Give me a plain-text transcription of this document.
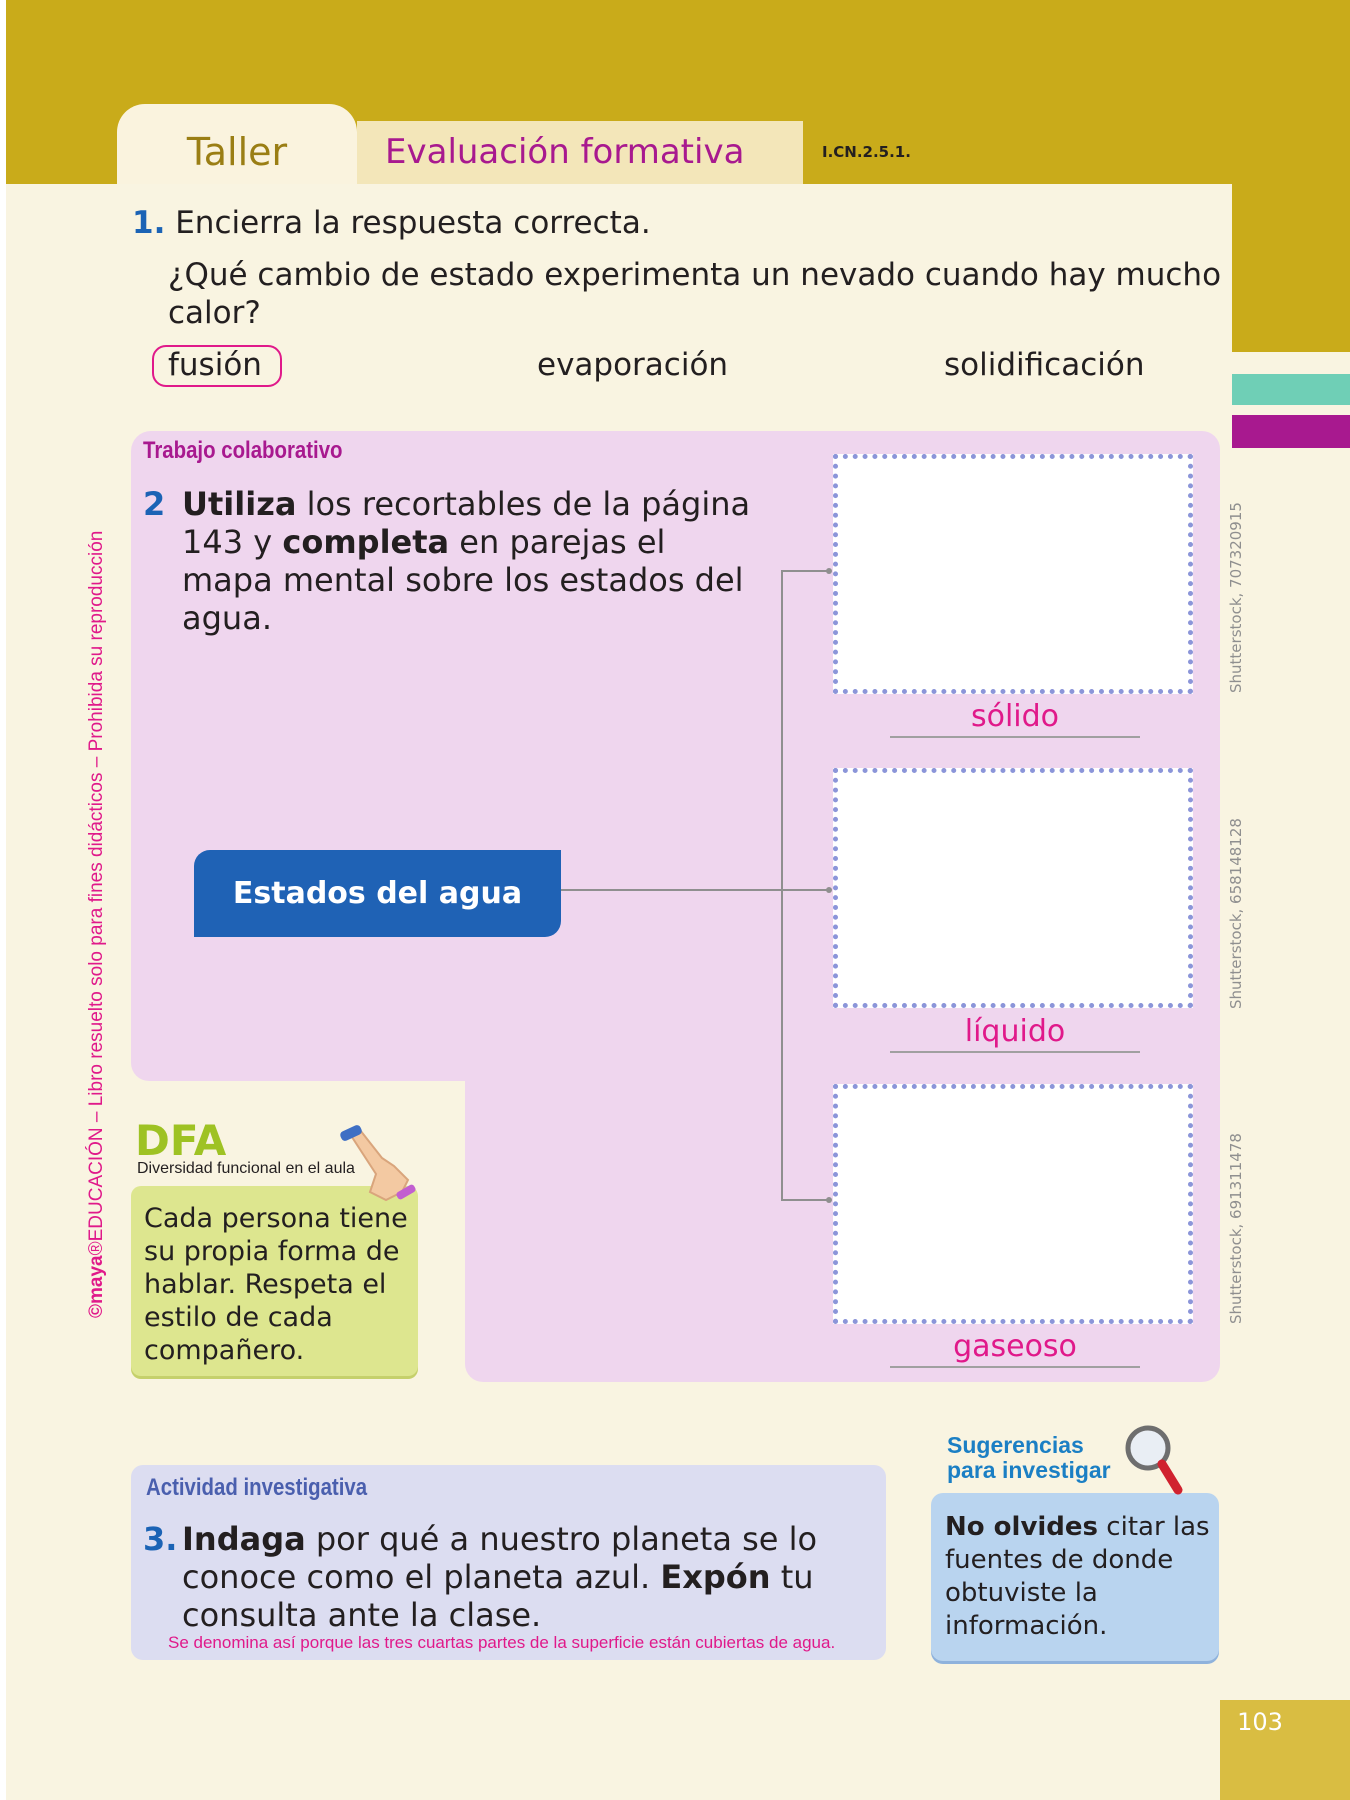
Taller	Evaluación formativa	I.CN.2.5.1.
1. Encierra la respuesta correcta.
¿Qué cambio de estado experimenta un nevado cuando hay mucho calor?
fusión	evaporación	solidificación
Trabajo colaborativo
2 Utiliza los recortables de la página 143 y completa en parejas el mapa mental sobre los estados del agua.
Estados del agua
sólido
líquido
gaseoso
Shutterstock, 707320915
Shutterstock, 658148128
Shutterstock, 691311478
DFA
Diversidad funcional en el aula
Cada persona tiene su propia forma de hablar. Respeta el estilo de cada compañero.
Actividad investigativa
3. Indaga por qué a nuestro planeta se lo conoce como el planeta azul. Expón tu consulta ante la clase.
Se denomina así porque las tres cuartas partes de la superficie están cubiertas de agua.
Sugerencias
para investigar
No olvides citar las fuentes de donde obtuviste la información.
©maya®EDUCACIÓN – Libro resuelto solo para fines didácticos – Prohibida su reproducción
103
